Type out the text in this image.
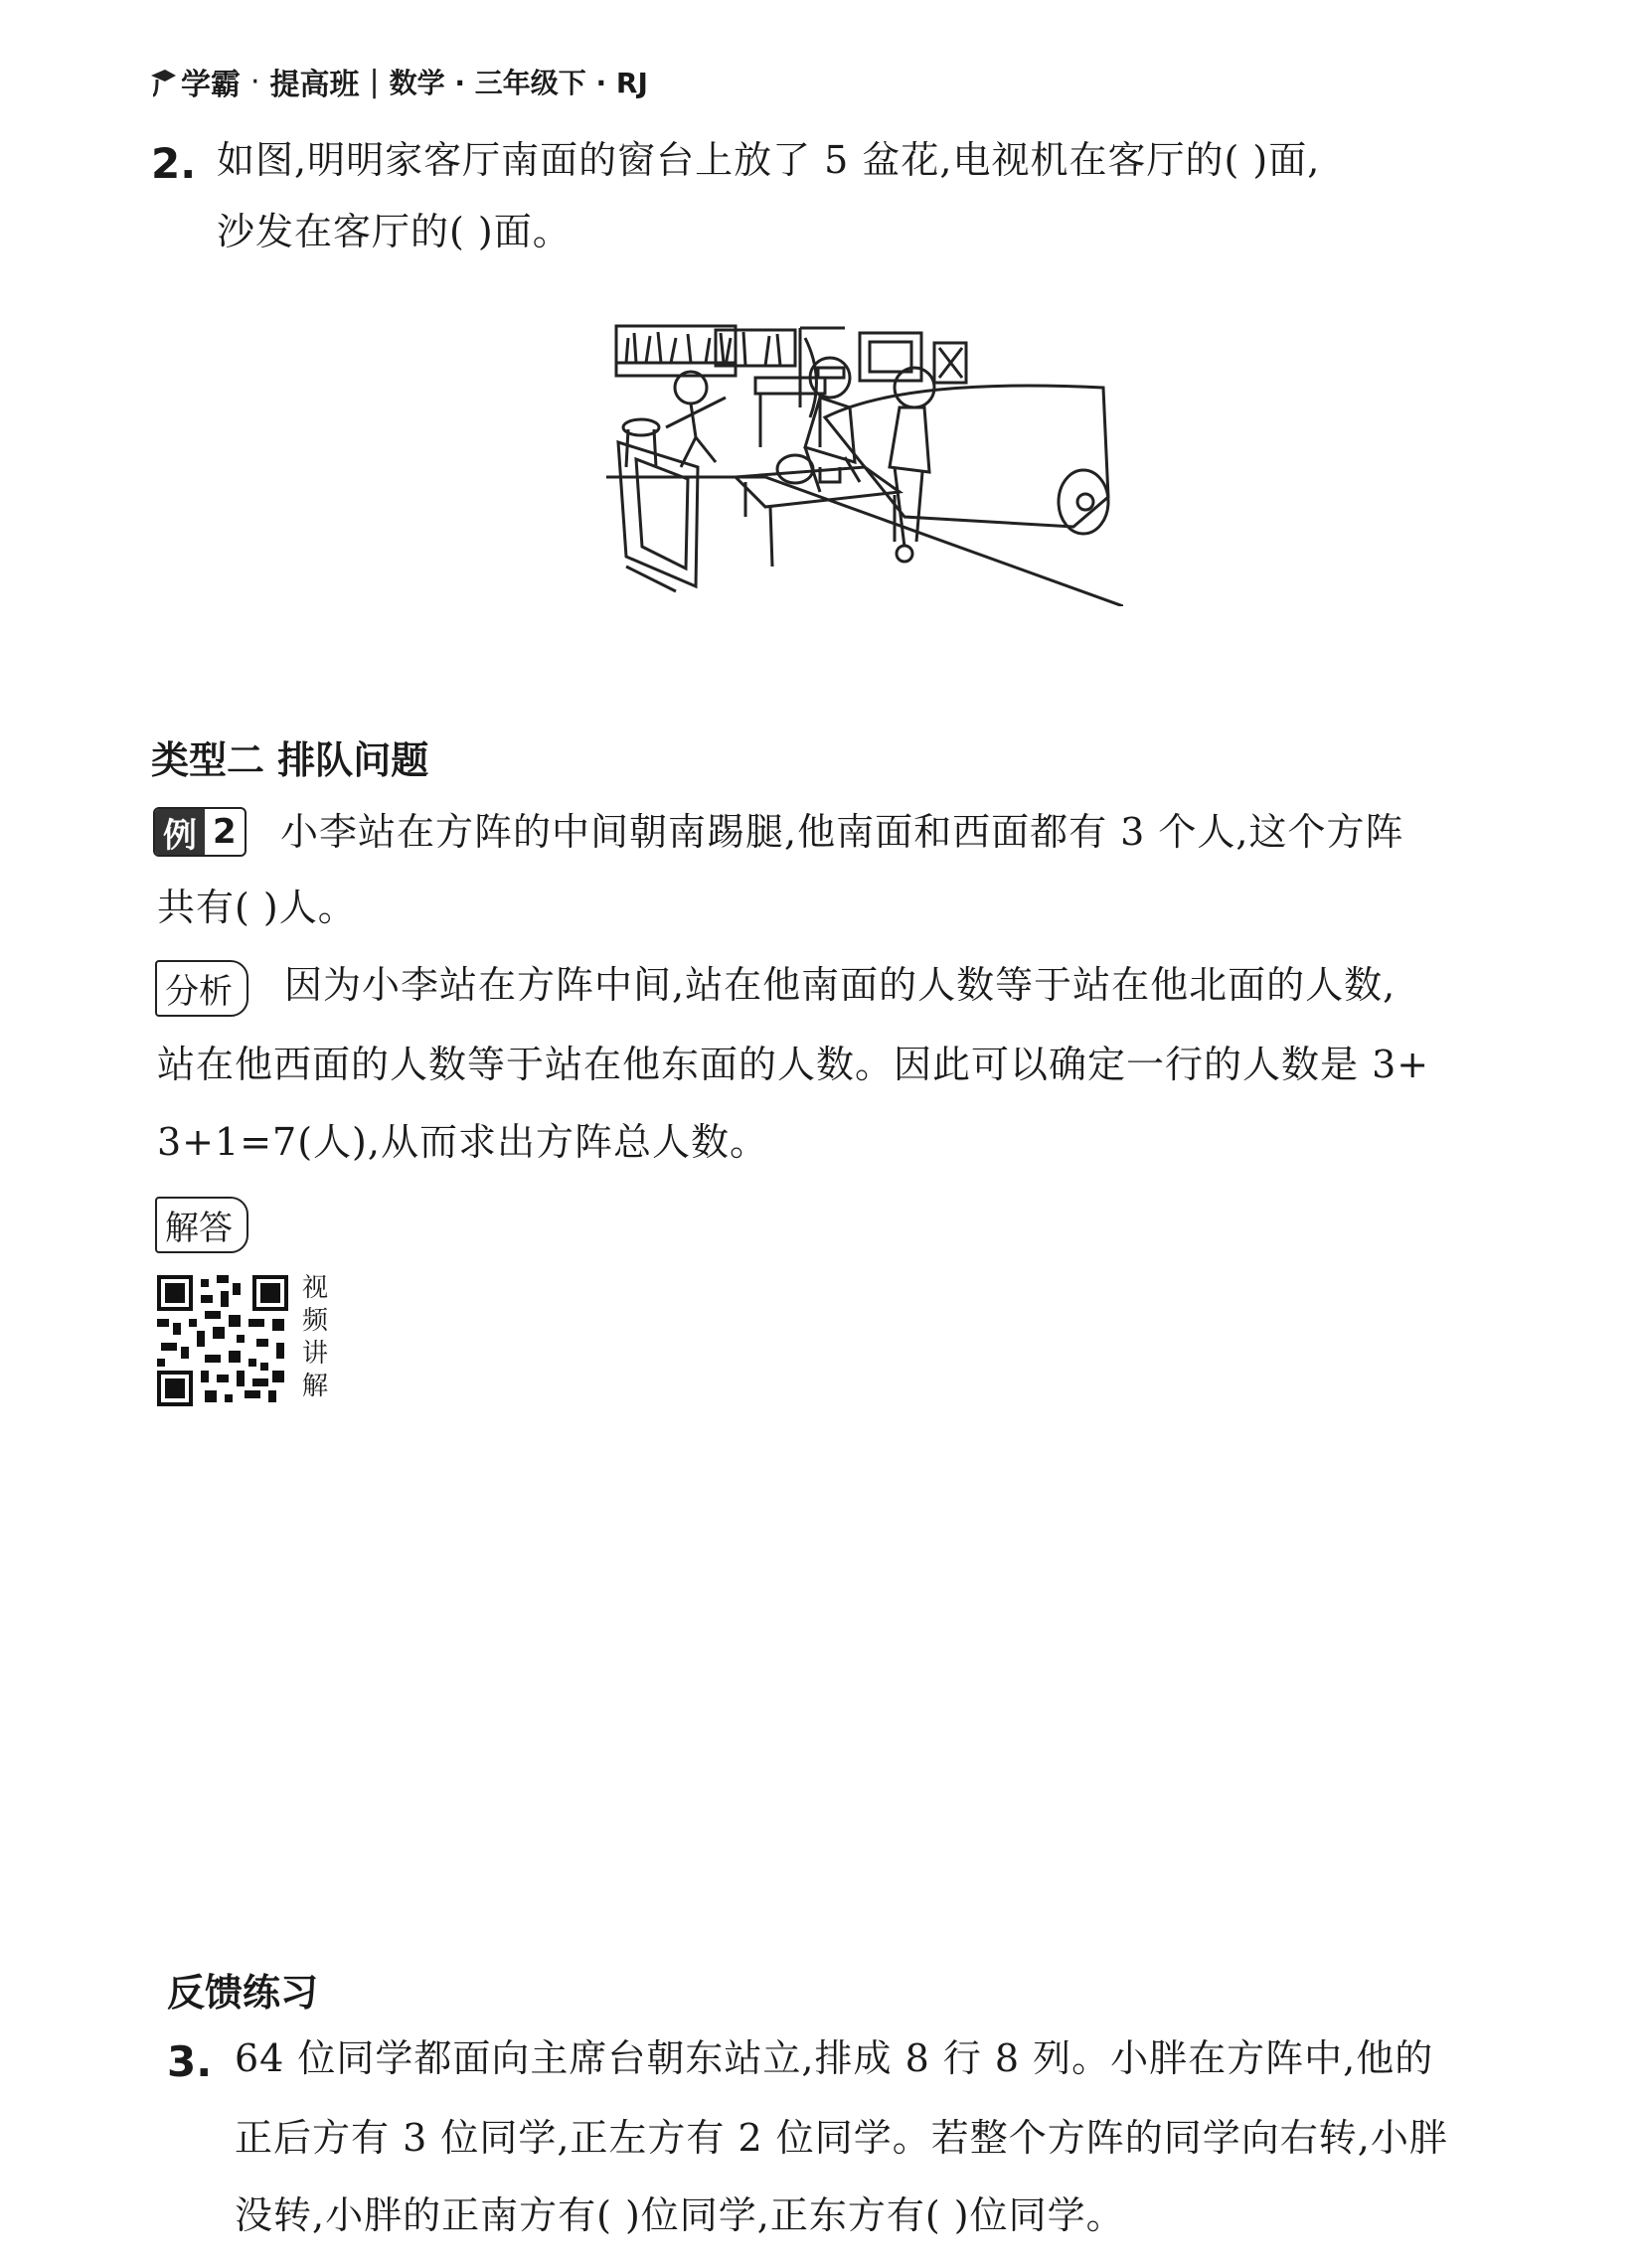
学霸 · 提高班 | 数学 · 三年级下 · RJ
2. 如图,明明家客厅南面的窗台上放了 5 盆花,电视机在客厅的( )面,
沙发在客厅的( )面。
类型二 排队问题
例 2 小李站在方阵的中间朝南踢腿,他南面和西面都有 3 个人,这个方阵
共有( )人。
分析	因为小李站在方阵中间,站在他南面的人数等于站在他北面的人数,
站在他西面的人数等于站在他东面的人数。因此可以确定一行的人数是 3+
3+1=7(人),从而求出方阵总人数。
解答
视频讲解
反馈练习
3. 64 位同学都面向主席台朝东站立,排成 8 行 8 列。小胖在方阵中,他的
正后方有 3 位同学,正左方有 2 位同学。若整个方阵的同学向右转,小胖
没转,小胖的正南方有( )位同学,正东方有( )位同学。
